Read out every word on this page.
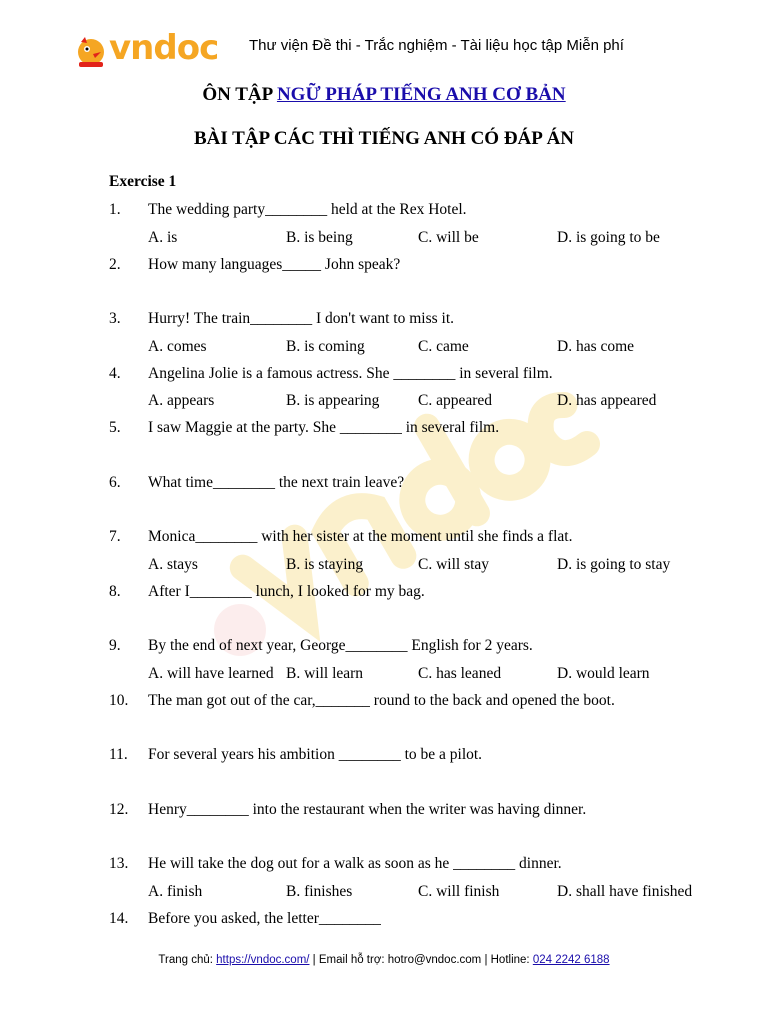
vndoc Thư viện Đề thi - Trắc nghiệm - Tài liệu học tập Miễn phí
ÔN TẬP NGỮ PHÁP TIẾNG ANH CƠ BẢN
BÀI TẬP CÁC THÌ TIẾNG ANH CÓ ĐÁP ÁN
Exercise 1
1. The wedding party________ held at the Rex Hotel.
A. is	B. is being	C. will be	D. is going to be
2. How many languages_____ John speak?
3. Hurry! The train________ I don't want to miss it.
A. comes	B. is coming	C. came	D. has come
4. Angelina Jolie is a famous actress. She ________ in several film.
A. appears	B. is appearing C. appeared	D. has appeared
5. I saw Maggie at the party. She ________ in several film.
6. What time________ the next train leave?
7. Monica________ with her sister at the moment until she finds a flat.
A. stays	B. is staying	C. will stay	D. is going to stay
8. After I________ lunch, I looked for my bag.
9. By the end of next year, George________ English for 2 years.
A. will have learned B. will learn	C. has leaned	D. would learn
10. The man got out of the car,_______ round to the back and opened the boot.
11. For several years his ambition ________ to be a pilot.
12. Henry________ into the restaurant when the writer was having dinner.
13. He will take the dog out for a walk as soon as he ________ dinner.
A. finish	B. finishes	C. will finish	D. shall have finished
14. Before you asked, the letter________
Trang chủ: https://vndoc.com/ | Email hỗ trợ: hotro@vndoc.com | Hotline: 024 2242 6188
